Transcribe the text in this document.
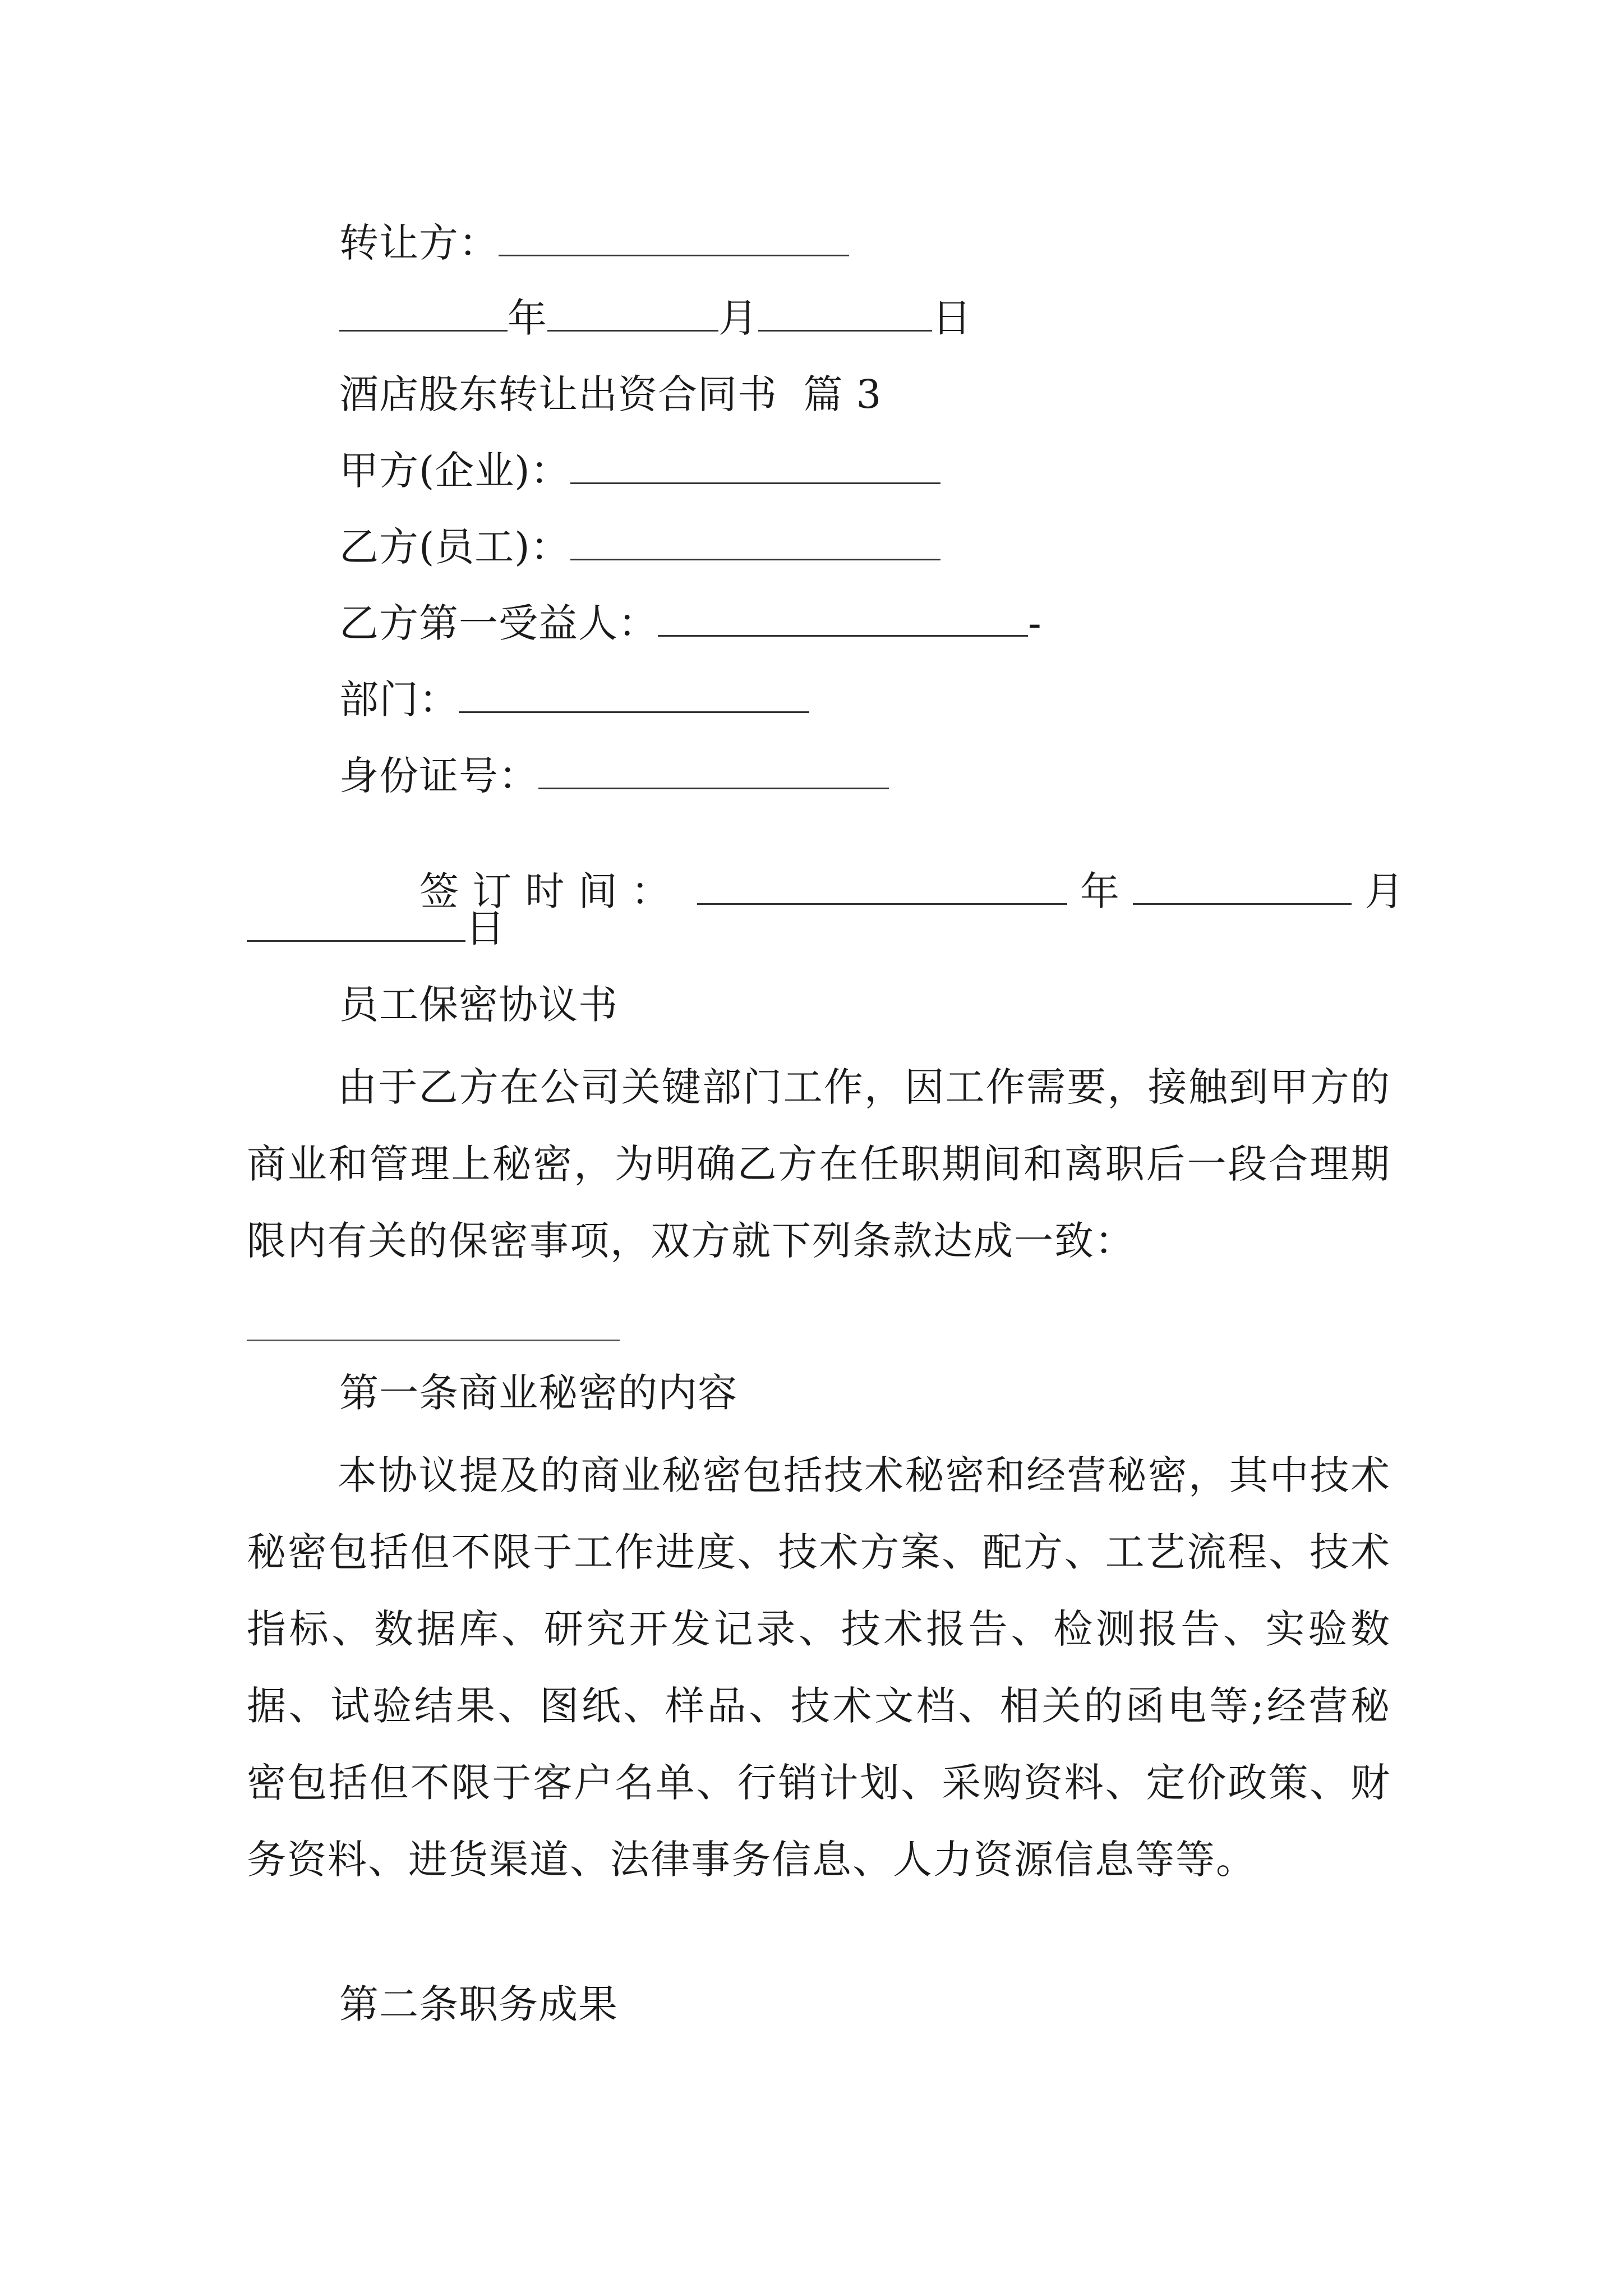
转让方：
年	月	日
酒店股东转让出资合同书  篇 3
甲方(企业)：
乙方(员工)：
乙方第一受益人：	-
部门：
身份证号：

签 订 时 间 ：	年	月

日
员工保密协议书
由于乙方在公司关键部门工作，因工作需要，接触到甲方的商业和管理上秘密，为明确乙方在任职期间和离职后一段合理期限内有关的保密事项，双方就下列条款达成一致：
第一条商业秘密的内容
本协议提及的商业秘密包括技术秘密和经营秘密，其中技术秘密包括但不限于工作进度、技术方案、配方、工艺流程、技术指标、数据库、研究开发记录、技术报告、检测报告、实验数据、试验结果、图纸、样品、技术文档、相关的函电等;经营秘密包括但不限于客户名单、行销计划、采购资料、定价政策、财务资料、进货渠道、法律事务信息、人力资源信息等等。
第二条职务成果
